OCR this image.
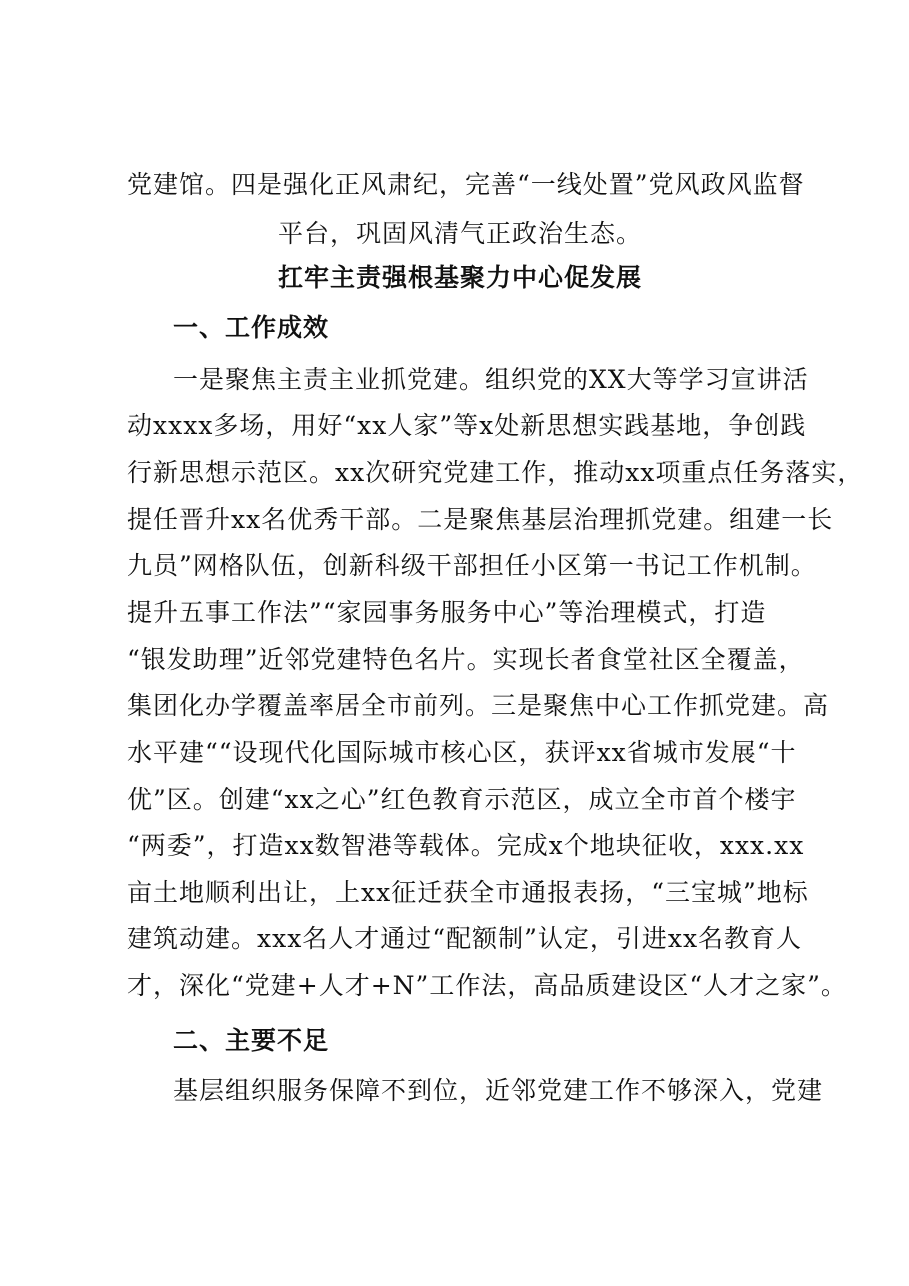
党建馆。四是强化正风肃纪，完善“一线处置”党风政风监督
平台，巩固风清气正政治生态。
扛牢主责强根基聚力中心促发展
一、工作成效
一是聚焦主责主业抓党建。组织党的XX大等学习宣讲活
动xxxx多场，用好“xx人家”等x处新思想实践基地，争创践
行新思想示范区。xx次研究党建工作，推动xx项重点任务落实，
提任晋升xx名优秀干部。二是聚焦基层治理抓党建。组建一长
九员”网格队伍，创新科级干部担任小区第一书记工作机制。
提升五事工作法”“家园事务服务中心”等治理模式，打造
“银发助理”近邻党建特色名片。实现长者食堂社区全覆盖，
集团化办学覆盖率居全市前列。三是聚焦中心工作抓党建。高
水平建““设现代化国际城市核心区，获评xx省城市发展“十
优”区。创建“xx之心”红色教育示范区，成立全市首个楼宇
“两委”，打造xx数智港等载体。完成x个地块征收，xxx.xx
亩土地顺利出让，上xx征迁获全市通报表扬，“三宝城”地标
建筑动建。xxx名人才通过“配额制”认定，引进xx名教育人
才，深化“党建+人才+N”工作法，高品质建设区“人才之家”。
二、主要不足
基层组织服务保障不到位，近邻党建工作不够深入，党建
